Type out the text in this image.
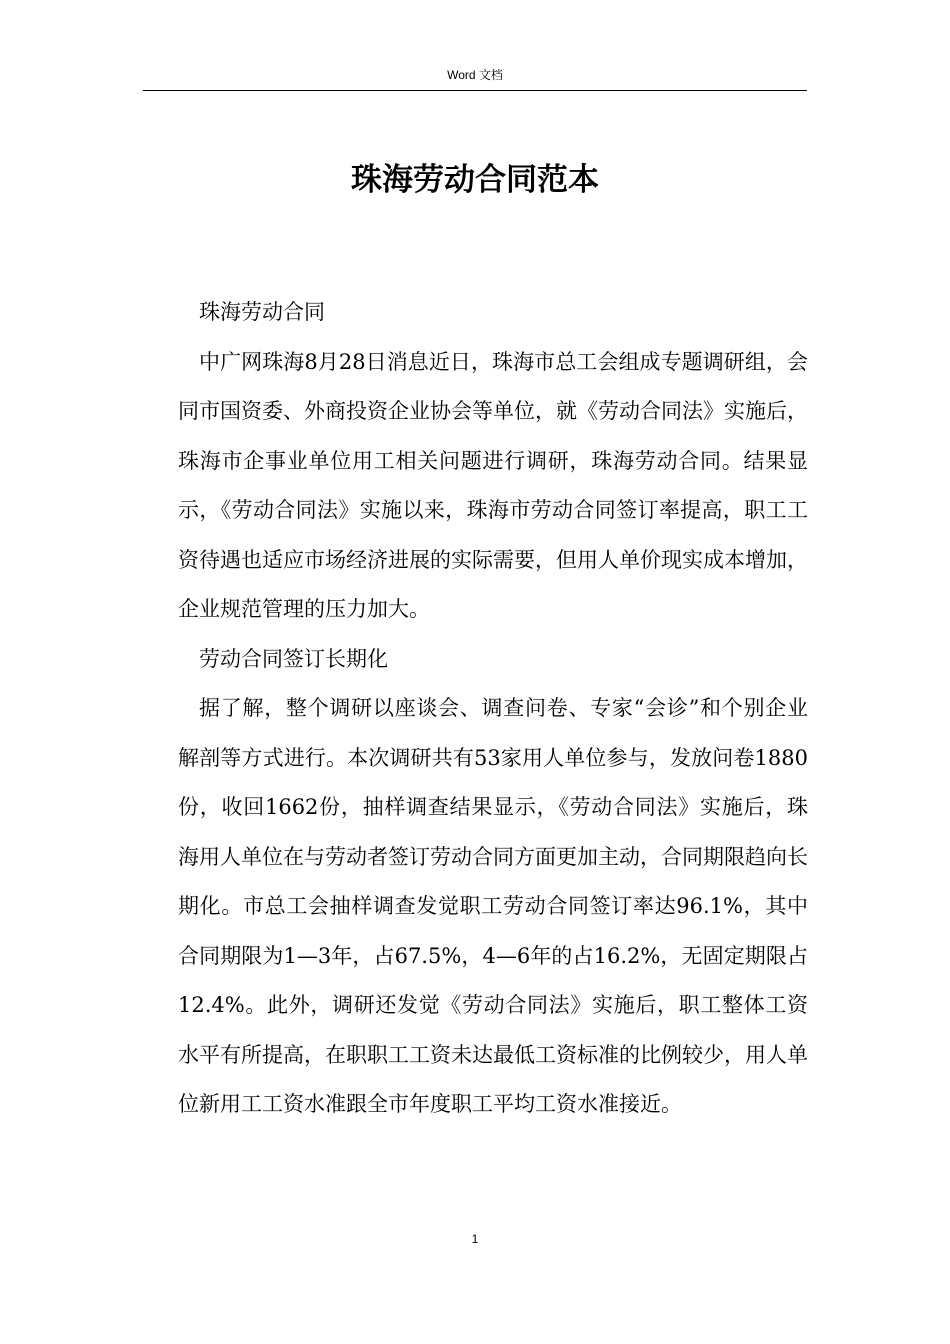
Word 文档
珠海劳动合同范本

珠海劳动合同

中广网珠海8月28日消息近日，珠海市总工会组成专题调研组，会同市国资委、外商投资企业协会等单位，就《劳动合同法》实施后，珠海市企事业单位用工相关问题进行调研，珠海劳动合同。结果显示，《劳动合同法》实施以来，珠海市劳动合同签订率提高，职工工资待遇也适应市场经济进展的实际需要，但用人单价现实成本增加，企业规范管理的压力加大。

劳动合同签订长期化

据了解，整个调研以座谈会、调查问卷、专家“会诊”和个别企业解剖等方式进行。本次调研共有53家用人单位参与，发放问卷1880份，收回1662份，抽样调查结果显示，《劳动合同法》实施后，珠海用人单位在与劳动者签订劳动合同方面更加主动，合同期限趋向长期化。市总工会抽样调查发觉职工劳动合同签订率达96.1%，其中合同期限为1—3年，占67.5%，4—6年的占16.2%，无固定期限占12.4%。此外，调研还发觉《劳动合同法》实施后，职工整体工资水平有所提高，在职职工工资未达最低工资标准的比例较少，用人单位新用工工资水准跟全市年度职工平均工资水准接近。

1
